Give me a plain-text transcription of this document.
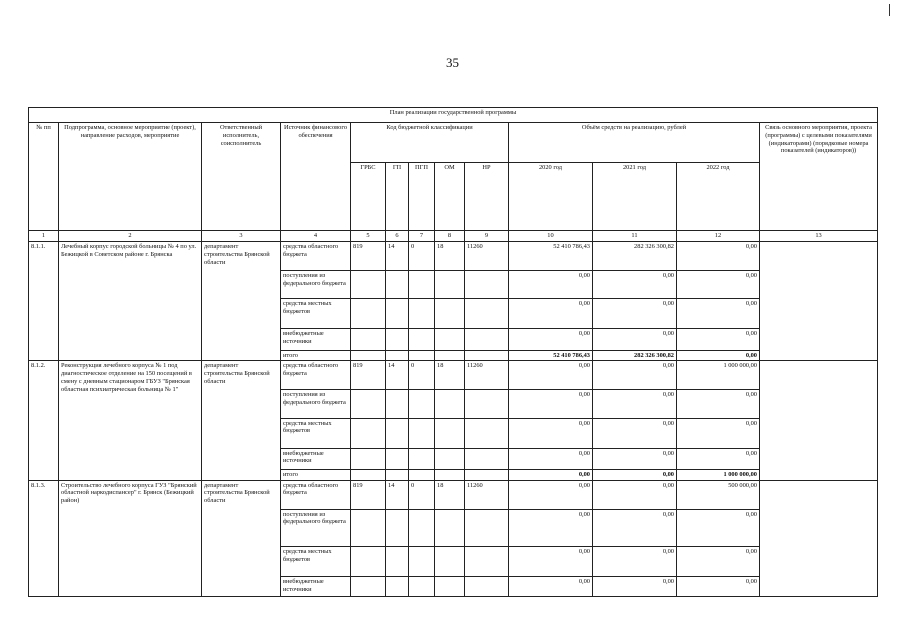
35
План реализации государственной программы												
№ пп	Подпрограмма, основное мероприятие (проект), направление расходов, мероприятие	Ответственный исполнитель, соисполнитель	Источник финансового обеспечения	Код бюджетной классификации					Объём средств на реализацию, рублей			Связь основного мероприятия, проекта (программы) с целевыми показателями (индикаторами) (порядковые номера показателей (индикаторов))
				ГРБС	ГП	ПГП	ОМ	НР	2020 год	2021 год	2022 год	
1	2	3	4	5	6	7	8	9	10	11	12	13
8.1.1.	Лечебный корпус городской больницы № 4 по ул. Бежицкой в Советском районе г. Брянска	департамент строительства Брянской области	средства областного бюджета	819	14	0	18	11260	52 410 786,43	282 326 300,82	0,00	
			поступления из федерального бюджета						0,00	0,00	0,00	
			средства местных бюджетов						0,00	0,00	0,00	
			внебюджетные источники						0,00	0,00	0,00	
			итого						52 410 786,43	282 326 300,82	0,00	
8.1.2.	Реконструкция лечебного корпуса № 1 под диагностическое отделение на 150 посещений в смену с дневным стационаром ГБУЗ "Брянская областная психиатрическая больница № 1"	департамент строительства Брянской области	средства областного бюджета	819	14	0	18	11260	0,00	0,00	1 000 000,00	
			поступления из федерального бюджета						0,00	0,00	0,00	
			средства местных бюджетов						0,00	0,00	0,00	
			внебюджетные источники						0,00	0,00	0,00	
			итого						0,00	0,00	1 000 000,00	
8.1.3.	Строительство лечебного корпуса ГУЗ "Брянский областной наркодиспансер" г. Брянск (Бежицкий район)	департамент строительства Брянской области	средства областного бюджета	819	14	0	18	11260	0,00	0,00	500 000,00	
			поступления из федерального бюджета						0,00	0,00	0,00	
			средства местных бюджетов						0,00	0,00	0,00	
			внебюджетные источники						0,00	0,00	0,00	
